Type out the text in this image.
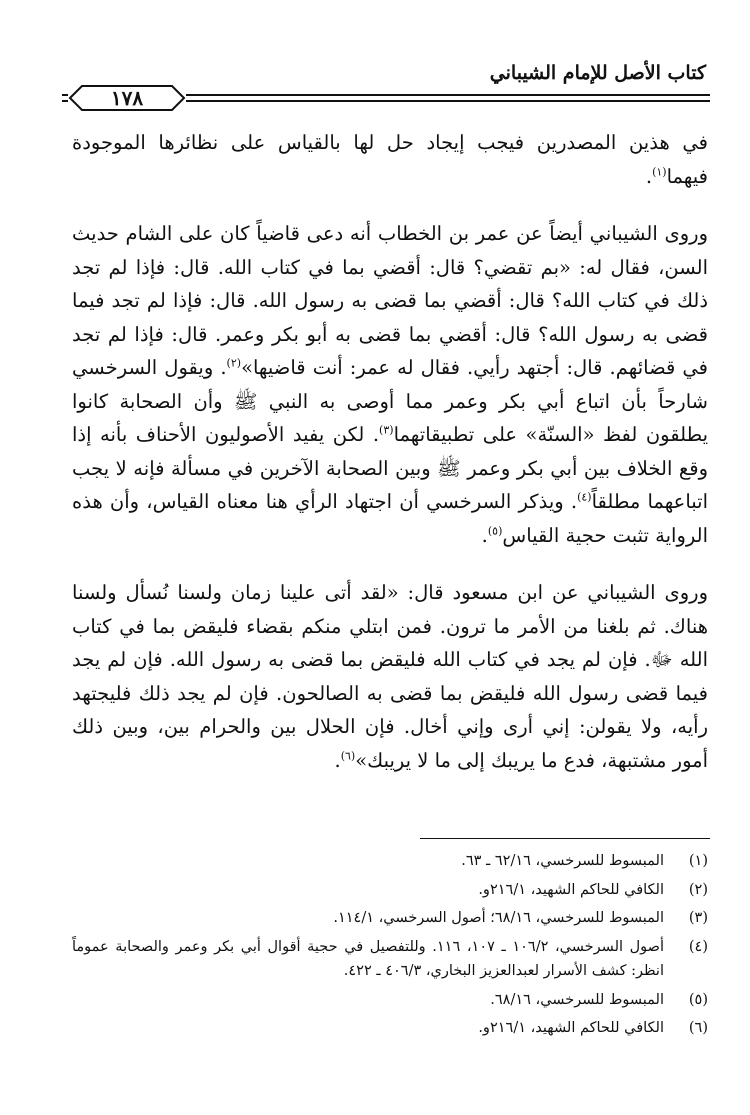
كتاب الأصل للإمام الشيباني
١٧٨

في هذين المصدرين فيجب إيجاد حل لها بالقياس على نظائرها الموجودة فيهما$^{(١)}$.

وروى الشيباني أيضاً عن عمر بن الخطاب أنه دعى قاضياً كان على الشام حديث السن، فقال له: «بم تقضي؟ قال: أقضي بما في كتاب الله. قال: فإذا لم تجد ذلك في كتاب الله؟ قال: أقضي بما قضى به رسول الله. قال: فإذا لم تجد فيما قضى به رسول الله؟ قال: أقضي بما قضى به أبو بكر وعمر. قال: فإذا لم تجد في قضائهم. قال: أجتهد رأيي. فقال له عمر: أنت قاضيها»$^{(٢)}$. ويقول السرخسي شارحاً بأن اتباع أبي بكر وعمر مما أوصى به النبي ﷺ وأن الصحابة كانوا يطلقون لفظ «السنّة» على تطبيقاتهما$^{(٣)}$. لكن يفيد الأصوليون الأحناف بأنه إذا وقع الخلاف بين أبي بكر وعمر ﷺ وبين الصحابة الآخرين في مسألة فإنه لا يجب اتباعهما مطلقاً$^{(٤)}$. ويذكر السرخسي أن اجتهاد الرأي هنا معناه القياس، وأن هذه الرواية تثبت حجية القياس$^{(٥)}$.

وروى الشيباني عن ابن مسعود قال: «لقد أتى علينا زمان ولسنا نُسأل ولسنا هناك. ثم بلغنا من الأمر ما ترون. فمن ابتلي منكم بقضاء فليقض بما في كتاب الله ﷻ. فإن لم يجد في كتاب الله فليقض بما قضى به رسول الله. فإن لم يجد فيما قضى رسول الله فليقض بما قضى به الصالحون. فإن لم يجد ذلك فليجتهد رأيه، ولا يقولن: إني أرى وإني أخال. فإن الحلال بين والحرام بين، وبين ذلك أمور مشتبهة، فدع ما يريبك إلى ما لا يريبك»$^{(٦)}$.

(١)
المبسوط للسرخسي، ٦٢/١٦ ـ ٦٣.
(٢)
الكافي للحاكم الشهيد، ٢١٦/١و.
(٣)
المبسوط للسرخسي، ٦٨/١٦؛ أصول السرخسي، ١١٤/١.
(٤)
أصول السرخسي، ١٠٦/٢ ـ ١٠٧، ١١٦. وللتفصيل في حجية أقوال أبي بكر وعمر والصحابة عموماً انظر: كشف الأسرار لعبدالعزيز البخاري، ٤٠٦/٣ ـ ٤٢٢.
(٥)
المبسوط للسرخسي، ٦٨/١٦.
(٦)
الكافي للحاكم الشهيد، ٢١٦/١و.
